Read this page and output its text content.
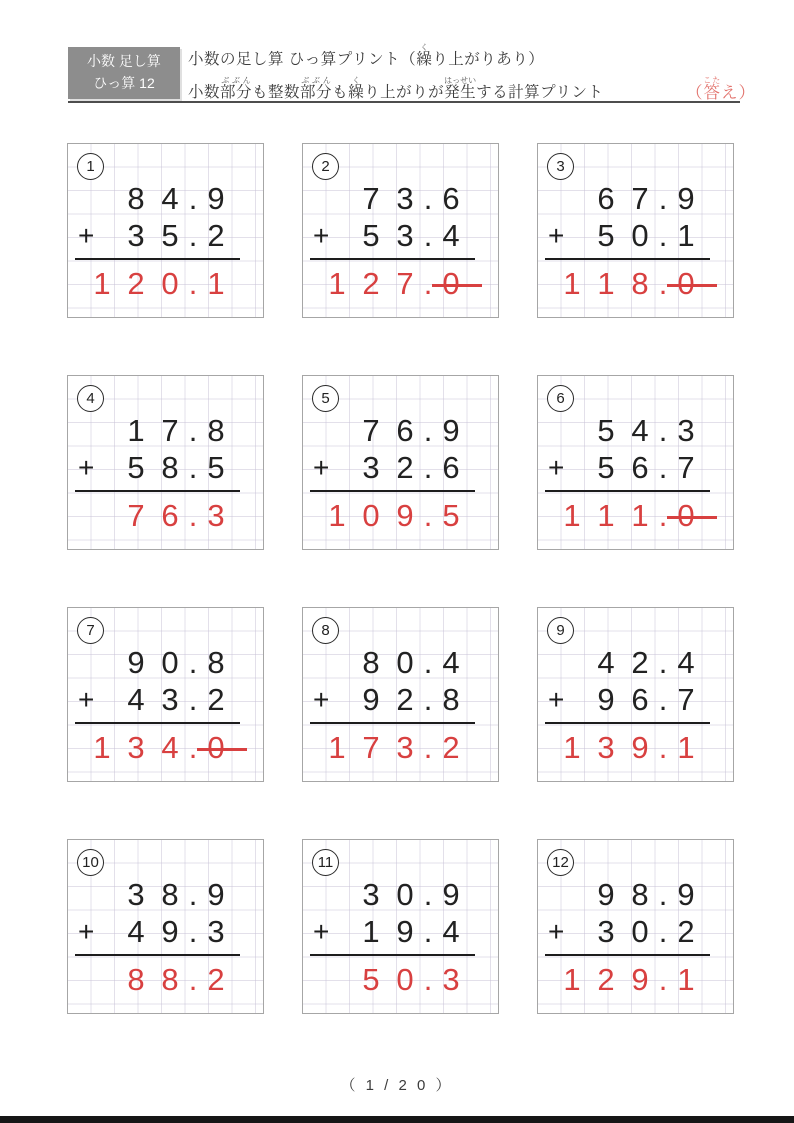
小数 足し算
ひっ算 12
小数の足し算 ひっ算プリント（ 繰く
り上がりあり）
小数 部分ぶぶん
も整数 部分ぶぶん
も 繰く
り上がりが 発生はっせい
する計算プリント	（答こたえ）
1
8 4 . 9
3 5 . 2
+
1 2 0 . 1
2
7 3 . 6
5 3 . 4
+
1 2 7 . 0
3
6 7 . 9
5 0 . 1
+
1 1 8 . 0
4
1 7 . 8
5 8 . 5
+
7 6 . 3
5
7 6 . 9
3 2 . 6
+
1 0 9 . 5
6
5 4 . 3
5 6 . 7
+
1 1 1 . 0
7
9 0 . 8
4 3 . 2
+
1 3 4 . 0
8
8 0 . 4
9 2 . 8
+
1 7 3 . 2
9
4 2 . 4
9 6 . 7
+
1 3 9 . 1
10
3 8 . 9
4 9 . 3
+
8 8 . 2
11
3 0 . 9
1 9 . 4
+
5 0 . 3
12
9 8 . 9
3 0 . 2
+
1 2 9 . 1
（ 1 / 2 0 ）
